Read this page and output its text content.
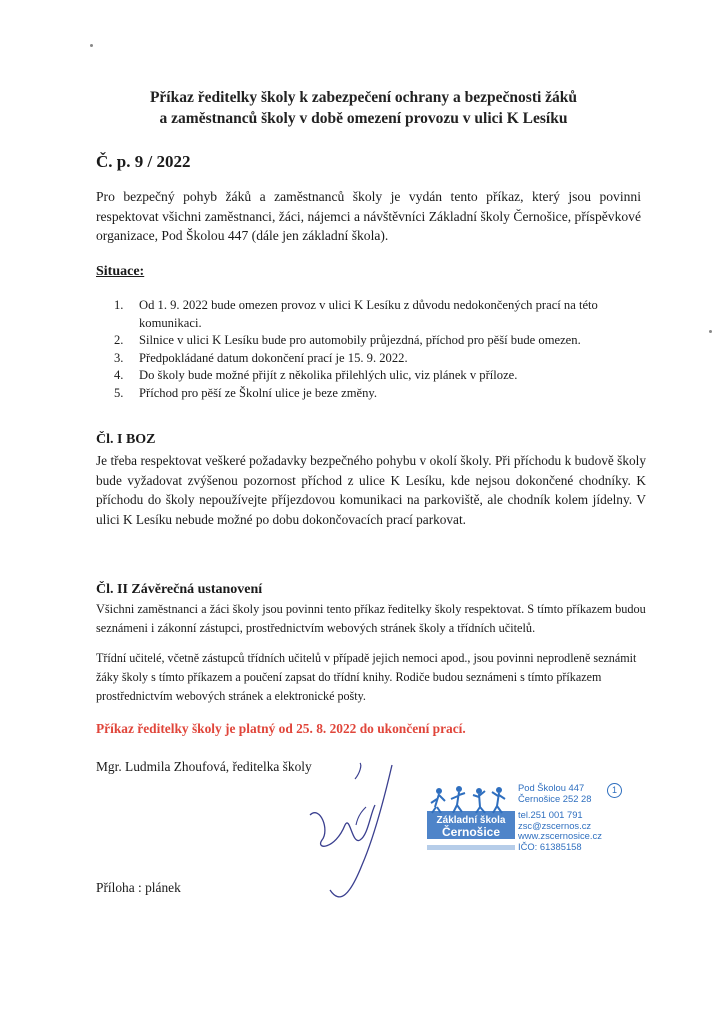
Příkaz ředitelky školy k zabezpečení ochrany a bezpečnosti žáků
a zaměstnanců školy v době omezení provozu v ulici K Lesíku
Č. p. 9 / 2022
Pro bezpečný pohyb žáků a zaměstnanců školy je vydán tento příkaz, který jsou povinni respektovat všichni zaměstnanci, žáci, nájemci a návštěvníci Základní školy Černošice, příspěvkové organizace, Pod Školou 447 (dále jen základní škola).
Situace:
1.	Od 1. 9. 2022 bude omezen provoz v ulici K Lesíku z důvodu nedokončených prací na této komunikaci.
2.	Silnice v ulici K Lesíku bude pro automobily průjezdná, příchod pro pěší bude omezen.
3.	Předpokládané datum dokončení prací je 15. 9. 2022.
4.	Do školy bude možné přijít z několika přilehlých ulic, viz plánek v příloze.
5.	Příchod pro pěší ze Školní ulice je beze změny.
Čl. I BOZ
Je třeba respektovat veškeré požadavky bezpečného pohybu v okolí školy. Při příchodu k budově školy bude vyžadovat zvýšenou pozornost příchod z ulice K Lesíku, kde nejsou dokončené chodníky. K příchodu do školy nepoužívejte příjezdovou komunikaci na parkoviště, ale chodník kolem jídelny. V ulici K Lesíku nebude možné po dobu dokončovacích prací parkovat.
Čl. II Závěrečná ustanovení
Všichni zaměstnanci a žáci školy jsou povinni tento příkaz ředitelky školy respektovat. S tímto příkazem budou seznámeni i zákonní zástupci, prostřednictvím webových stránek školy a třídních učitelů.
Třídní učitelé, včetně zástupců třídních učitelů v případě jejich nemoci apod., jsou povinni neprodleně seznámit žáky školy s tímto příkazem a poučení zapsat do třídní knihy. Rodiče budou seznámeni s tímto příkazem prostřednictvím webových stránek a elektronické pošty.
Příkaz ředitelky školy je platný od 25. 8. 2022 do ukončení prací.
Mgr. Ludmila Zhoufová, ředitelka školy
Základní škola
Černošice
Pod Školou 447
Černošice 252 28
tel.251 001 791
zsc@zscernos.cz
www.zscernosice.cz
IČO: 61385158
1
Příloha : plánek
